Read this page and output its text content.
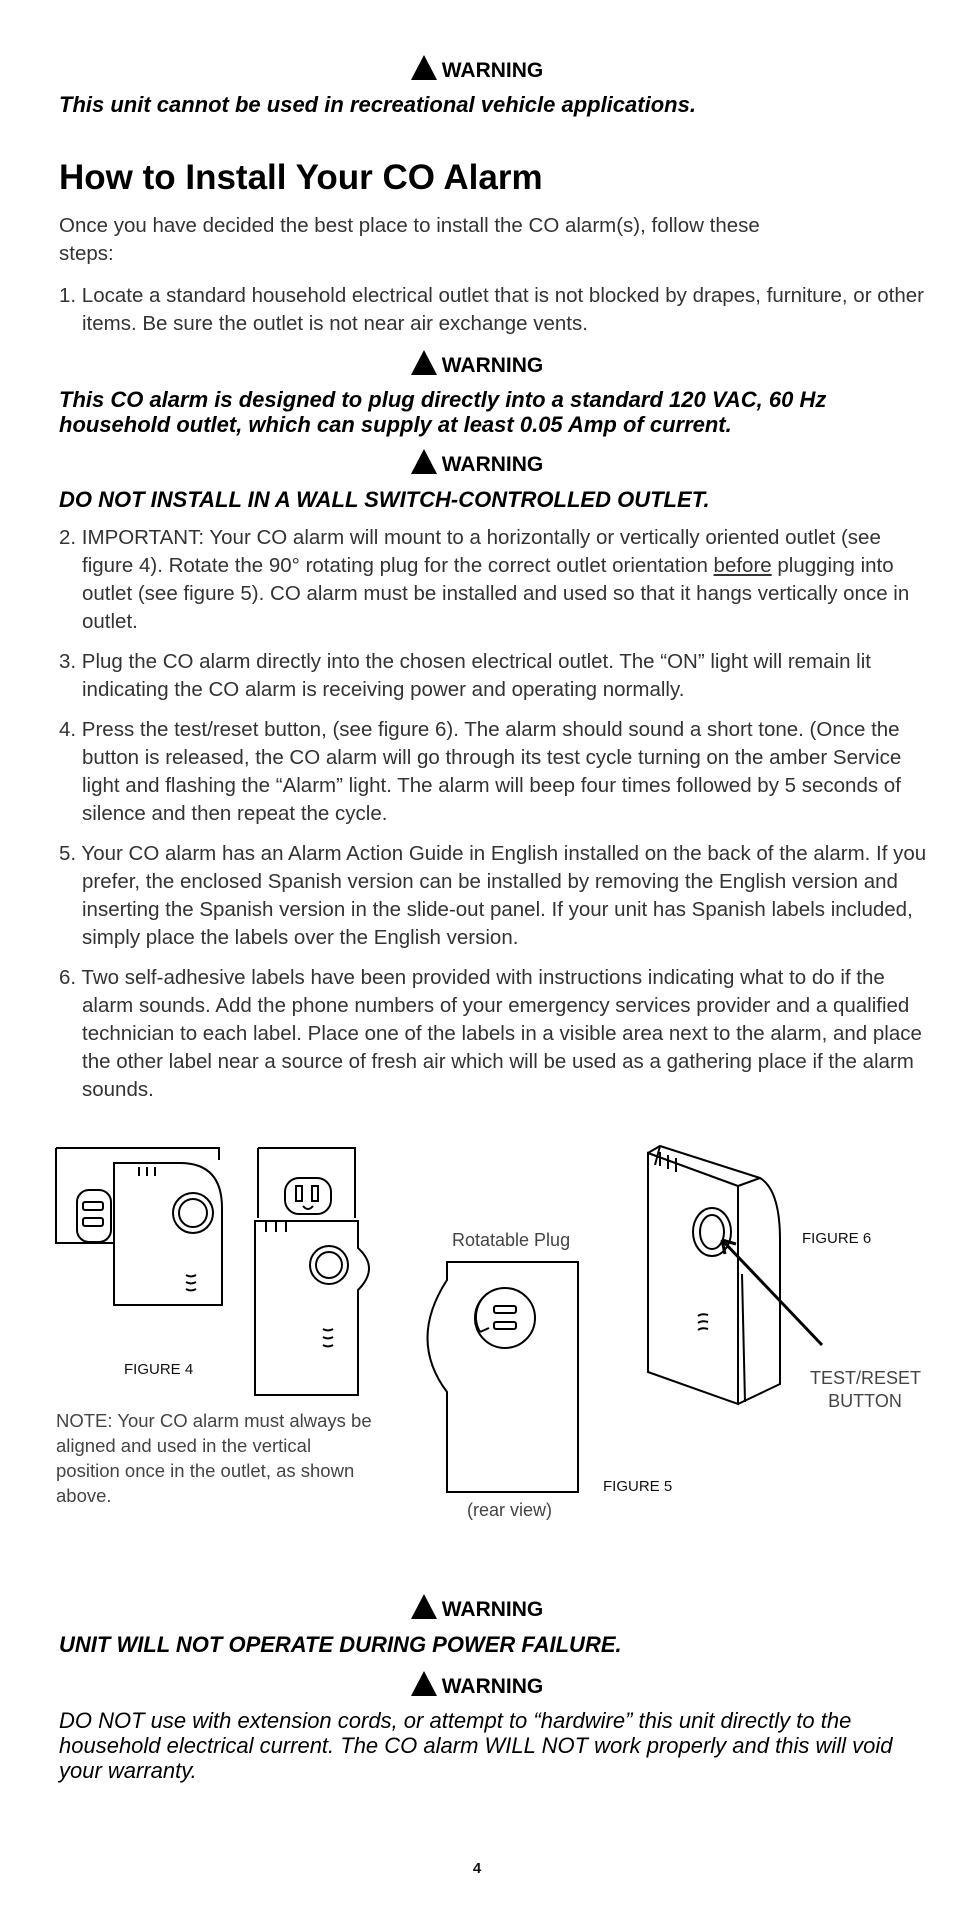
WARNING
This unit cannot be used in recreational vehicle applications.
How to Install Your CO Alarm
Once you have decided the best place to install the CO alarm(s), follow these steps:
1. Locate a standard household electrical outlet that is not blocked by drapes, furniture, or other items. Be sure the outlet is not near air exchange vents.
WARNING
This CO alarm is designed to plug directly into a standard 120 VAC, 60 Hz household outlet, which can supply at least 0.05 Amp of current.
WARNING
DO NOT INSTALL IN A WALL SWITCH-CONTROLLED OUTLET.
2. IMPORTANT: Your CO alarm will mount to a horizontally or vertically oriented outlet (see figure 4). Rotate the 90° rotating plug for the correct outlet orientation before plugging into outlet (see figure 5). CO alarm must be installed and used so that it hangs vertically once in outlet.
3. Plug the CO alarm directly into the chosen electrical outlet. The “ON” light will remain lit indicating the CO alarm is receiving power and operating normally.
4. Press the test/reset button, (see figure 6). The alarm should sound a short tone. (Once the button is released, the CO alarm will go through its test cycle turning on the amber Service light and flashing the “Alarm” light. The alarm will beep four times followed by 5 seconds of silence and then repeat the cycle.
5. Your CO alarm has an Alarm Action Guide in English installed on the back of the alarm. If you prefer, the enclosed Spanish version can be installed by removing the English version and inserting the Spanish version in the slide-out panel. If your unit has Spanish labels included, simply place the labels over the English version.
6. Two self-adhesive labels have been provided with instructions indicating what to do if the alarm sounds. Add the phone numbers of your emergency services provider and a qualified technician to each label. Place one of the labels in a visible area next to the alarm, and place the other label near a source of fresh air which will be used as a gathering place if the alarm sounds.
FIGURE 4
Rotatable Plug
(rear view)
FIGURE 5
FIGURE 6
TEST/RESET
BUTTON
NOTE: Your CO alarm must always be aligned and used in the vertical position once in the outlet, as shown above.
WARNING
UNIT WILL NOT OPERATE DURING POWER FAILURE.
WARNING
DO NOT use with extension cords, or attempt to “hardwire” this unit directly to the household electrical current. The CO alarm WILL NOT work properly and this will void your warranty.
4
